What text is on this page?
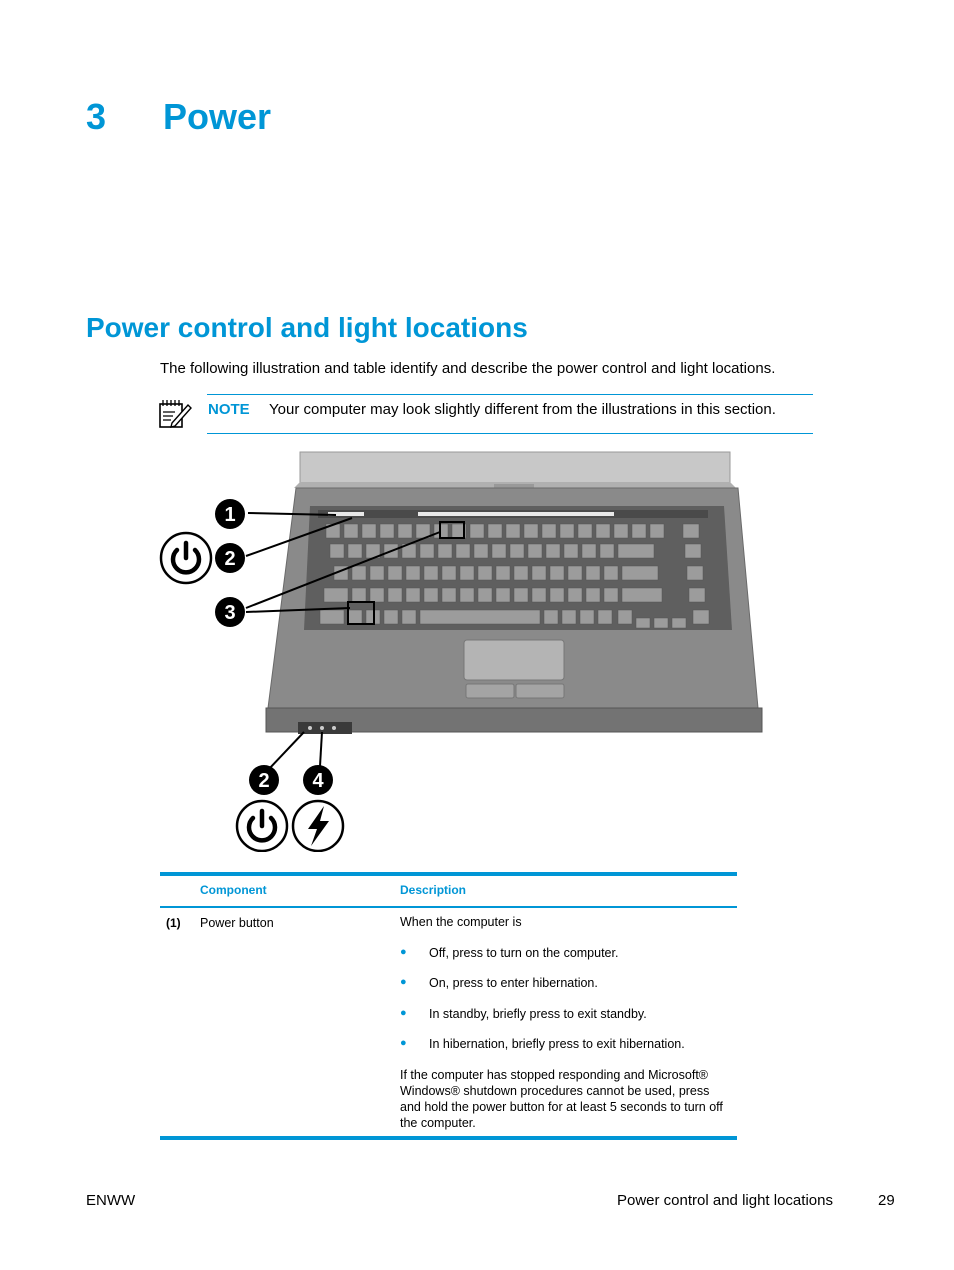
3 Power
Power control and light locations
The following illustration and table identify and describe the power control and light locations.
NOTE Your computer may look slightly different from the illustrations in this section.
1
2
3
2 4
Component	Description
(1) Power button	When the computer is
● Off, press to turn on the computer.
● On, press to enter hibernation.
● In standby, briefly press to exit standby.
● In hibernation, briefly press to exit hibernation.
If the computer has stopped responding and Microsoft® Windows® shutdown procedures cannot be used, press and hold the power button for at least 5 seconds to turn off the computer.
ENWW	Power control and light locations	29
